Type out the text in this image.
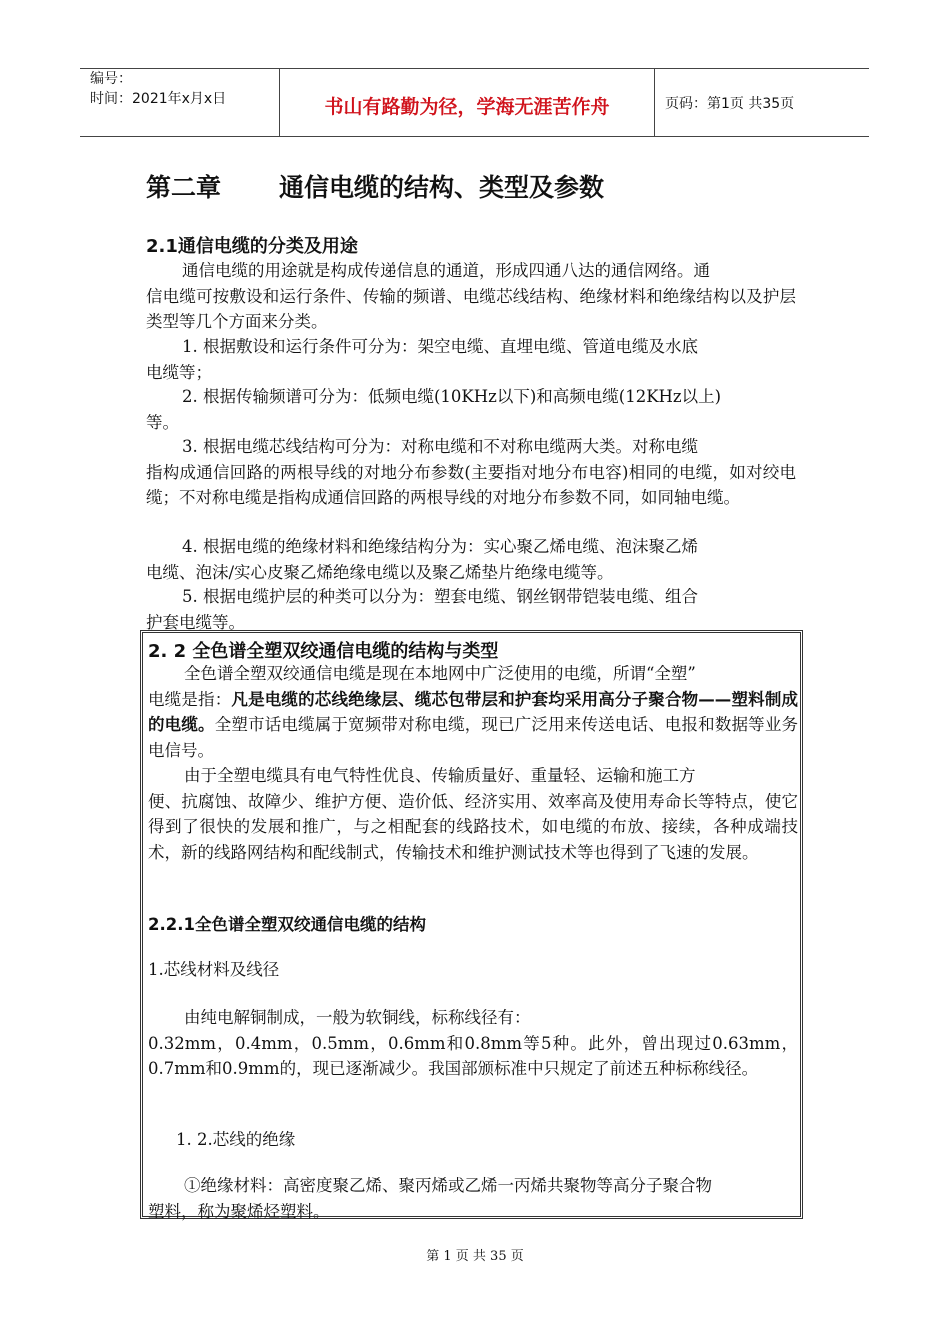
编号：
时间：2021年x月x日	书山有路勤为径，学海无涯苦作舟	页码：第1页 共35页
第二章 通信电缆的结构、类型及参数
2.1通信电缆的分类及用途
通信电缆的用途就是构成传递信息的通道，形成四通八达的通信网络。通
信电缆可按敷设和运行条件、传输的频谱、电缆芯线结构、绝缘材料和绝缘结构以及护层类型等几个方面来分类。
1. 根据敷设和运行条件可分为：架空电缆、直埋电缆、管道电缆及水底
电缆等；
2. 根据传输频谱可分为：低频电缆(10KHz以下)和高频电缆(12KHz以上)
等。
3. 根据电缆芯线结构可分为：对称电缆和不对称电缆两大类。对称电缆
指构成通信回路的两根导线的对地分布参数(主要指对地分布电容)相同的电缆，如对绞电缆；不对称电缆是指构成通信回路的两根导线的对地分布参数不同，如同轴电缆。
4. 根据电缆的绝缘材料和绝缘结构分为：实心聚乙烯电缆、泡沫聚乙烯
电缆、泡沫/实心皮聚乙烯绝缘电缆以及聚乙烯垫片绝缘电缆等。
5. 根据电缆护层的种类可以分为：塑套电缆、钢丝钢带铠装电缆、组合
护套电缆等。
2. 2 全色谱全塑双绞通信电缆的结构与类型
全色谱全塑双绞通信电缆是现在本地网中广泛使用的电缆，所谓“全塑”
电缆是指：凡是电缆的芯线绝缘层、缆芯包带层和护套均采用高分子聚合物——塑料制成的电缆。全塑市话电缆属于宽频带对称电缆，现已广泛用来传送电话、电报和数据等业务电信号。
由于全塑电缆具有电气特性优良、传输质量好、重量轻、运输和施工方
便、抗腐蚀、故障少、维护方便、造价低、经济实用、效率高及使用寿命长等特点，使它得到了很快的发展和推广，与之相配套的线路技术，如电缆的布放、接续，各种成端技术，新的线路网结构和配线制式，传输技术和维护测试技术等也得到了飞速的发展。
2.2.1全色谱全塑双绞通信电缆的结构
1.芯线材料及线径
由纯电解铜制成，一般为软铜线，标称线径有：
0.32mm，0.4mm，0.5mm，0.6mm和0.8mm等5种。此外，曾出现过0.63mm，0.7mm和0.9mm的，现已逐渐减少。我国部颁标准中只规定了前述五种标称线径。
1. 2.芯线的绝缘
①绝缘材料：高密度聚乙烯、聚丙烯或乙烯一丙烯共聚物等高分子聚合物
塑料，称为聚烯烃塑料。
第 1 页 共 35 页
